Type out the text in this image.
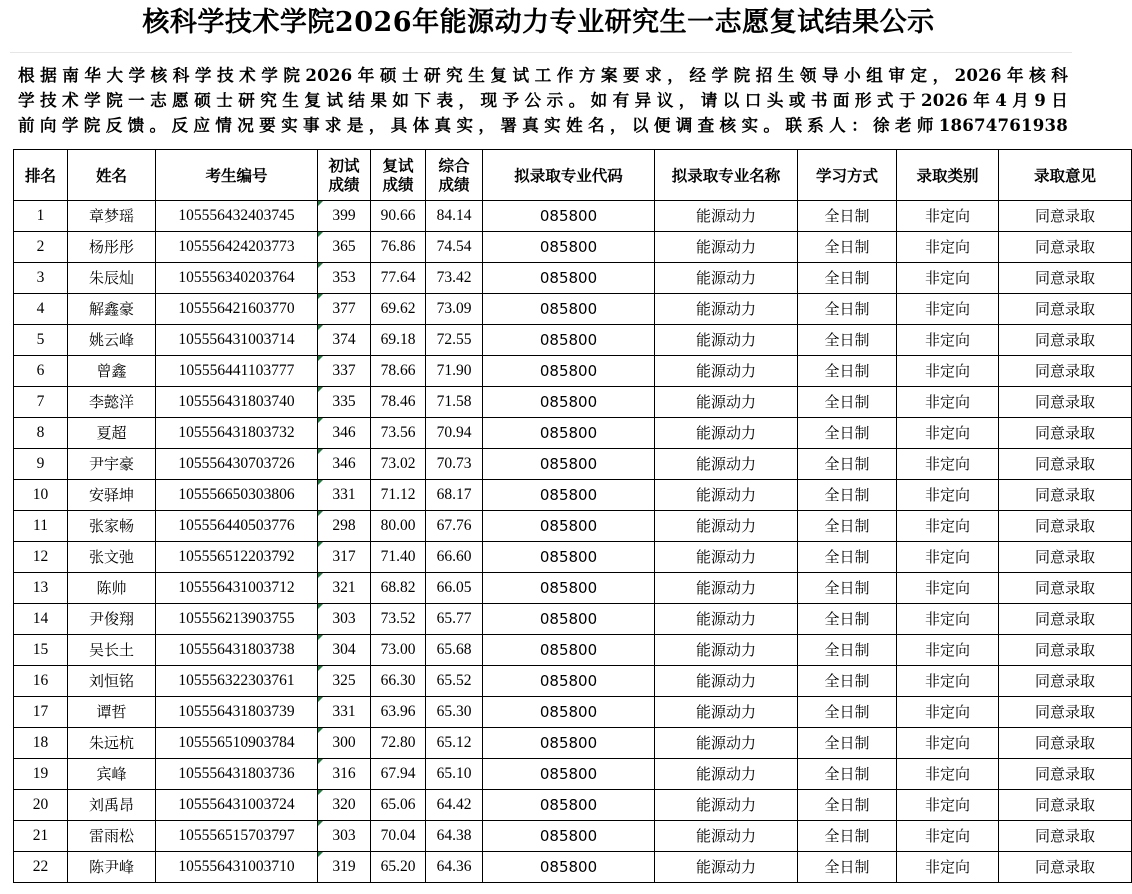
核科学技术学院2026年能源动力专业研究生一志愿复试结果公示
根据南华大学核科学技术学院2026年硕士研究生复试工作方案要求，经学院招生领导小组审定，2026年核科
学技术学院一志愿硕士研究生复试结果如下表，现予公示。如有异议，请以口头或书面形式于2026年4月9日
前向学院反馈。反应情况要实事求是，具体真实，署真实姓名，以便调查核实。联系人：徐老师18674761938
排名	姓名	考生编号	初试成绩	复试成绩	综合成绩	拟录取专业代码	拟录取专业名称	学习方式	录取类别	录取意见
1	章梦瑶	105556432403745	399	90.66	84.14	085800	能源动力	全日制	非定向	同意录取
2	杨彤彤	105556424203773	365	76.86	74.54	085800	能源动力	全日制	非定向	同意录取
3	朱辰灿	105556340203764	353	77.64	73.42	085800	能源动力	全日制	非定向	同意录取
4	解鑫豪	105556421603770	377	69.62	73.09	085800	能源动力	全日制	非定向	同意录取
5	姚云峰	105556431003714	374	69.18	72.55	085800	能源动力	全日制	非定向	同意录取
6	曾鑫	105556441103777	337	78.66	71.90	085800	能源动力	全日制	非定向	同意录取
7	李懿洋	105556431803740	335	78.46	71.58	085800	能源动力	全日制	非定向	同意录取
8	夏超	105556431803732	346	73.56	70.94	085800	能源动力	全日制	非定向	同意录取
9	尹宇豪	105556430703726	346	73.02	70.73	085800	能源动力	全日制	非定向	同意录取
10	安驿坤	105556650303806	331	71.12	68.17	085800	能源动力	全日制	非定向	同意录取
11	张家畅	105556440503776	298	80.00	67.76	085800	能源动力	全日制	非定向	同意录取
12	张文弛	105556512203792	317	71.40	66.60	085800	能源动力	全日制	非定向	同意录取
13	陈帅	105556431003712	321	68.82	66.05	085800	能源动力	全日制	非定向	同意录取
14	尹俊翔	105556213903755	303	73.52	65.77	085800	能源动力	全日制	非定向	同意录取
15	吴长土	105556431803738	304	73.00	65.68	085800	能源动力	全日制	非定向	同意录取
16	刘恒铭	105556322303761	325	66.30	65.52	085800	能源动力	全日制	非定向	同意录取
17	谭哲	105556431803739	331	63.96	65.30	085800	能源动力	全日制	非定向	同意录取
18	朱远杭	105556510903784	300	72.80	65.12	085800	能源动力	全日制	非定向	同意录取
19	宾峰	105556431803736	316	67.94	65.10	085800	能源动力	全日制	非定向	同意录取
20	刘禹昂	105556431003724	320	65.06	64.42	085800	能源动力	全日制	非定向	同意录取
21	雷雨松	105556515703797	303	70.04	64.38	085800	能源动力	全日制	非定向	同意录取
22	陈尹峰	105556431003710	319	65.20	64.36	085800	能源动力	全日制	非定向	同意录取
